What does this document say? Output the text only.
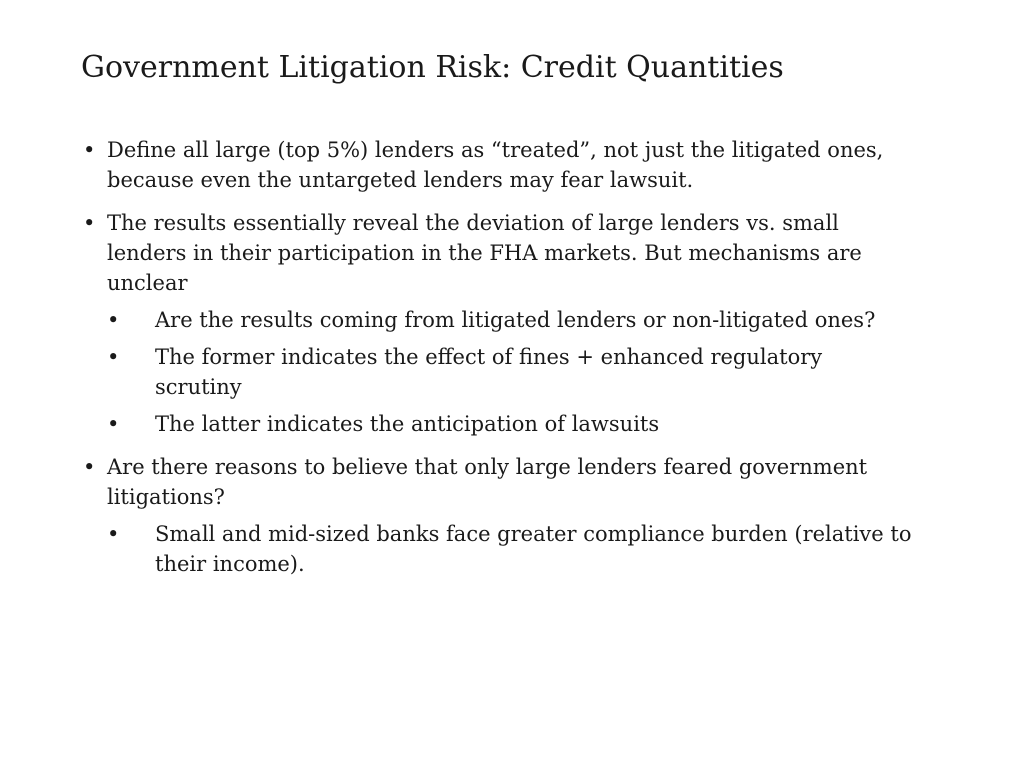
Government Litigation Risk: Credit Quantities
• Define all large (top 5%) lenders as “treated”, not just the litigated ones, because even the untargeted lenders may fear lawsuit.
• The results essentially reveal the deviation of large lenders vs. small lenders in their participation in the FHA markets. But mechanisms are unclear
• Are the results coming from litigated lenders or non-litigated ones?
• The former indicates the effect of fines + enhanced regulatory scrutiny
• The latter indicates the anticipation of lawsuits
• Are there reasons to believe that only large lenders feared government litigations?
• Small and mid-sized banks face greater compliance burden (relative to their income).
